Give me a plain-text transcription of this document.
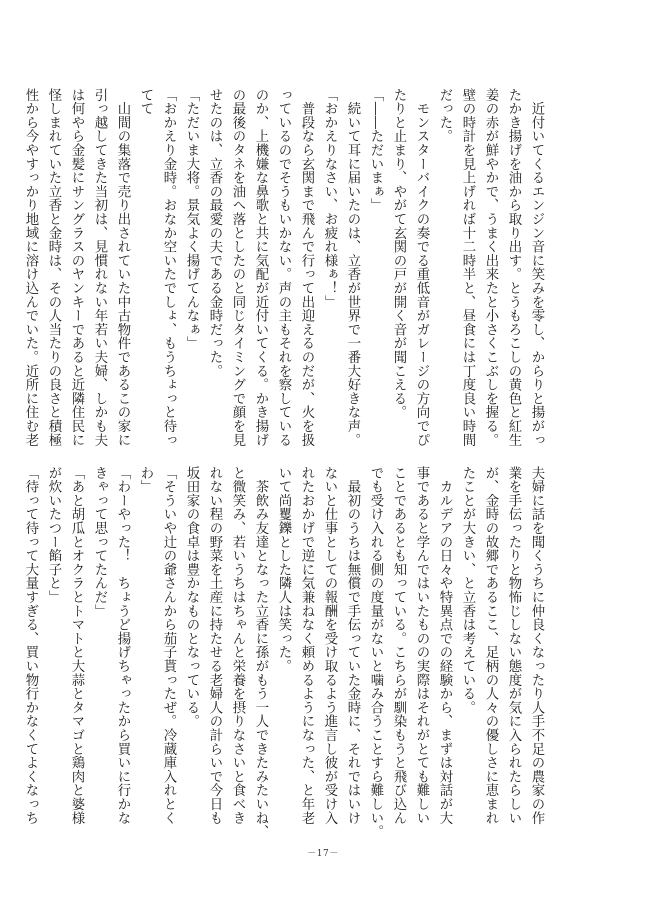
　近付いてくるエンジン音に笑みを零し、からりと揚がっ
たかき揚げを油から取り出す。とうもろこしの黄色と紅生
姜の赤が鮮やかで、うまく出来たと小さくこぶしを握る。
壁の時計を見上げれば十二時半と、昼食には丁度良い時間
だった。
　モンスターバイクの奏でる重低音がガレージの方向でぴ
たりと止まり、やがて玄関の戸が開く音が聞こえる。
「――ただいまぁ」
　続いて耳に届いたのは、立香が世界で一番大好きな声。
「おかえりなさい、お疲れ様ぁ！」
　普段なら玄関まで飛んで行って出迎えるのだが、火を扱
っているのでそうもいかない。声の主もそれを察している
のか、上機嫌な鼻歌と共に気配が近付いてくる。かき揚げ
の最後のタネを油へ落としたのと同じタイミングで顔を見
せたのは、立香の最愛の夫である金時だった。
「ただいま大将。景気よく揚げてんなぁ」
「おかえり金時。おなか空いたでしょ、もうちょっと待っ
てて
　山間の集落で売り出されていた中古物件であるこの家に
引っ越してきた当初は、見慣れない年若い夫婦、しかも夫
は何やら金髪にサングラスのヤンキーであると近隣住民に
怪しまれていた立香と金時は、その人当たりの良さと積極
性から今やすっかり地域に溶け込んでいた。近所に住む老
夫婦に話を聞くうちに仲良くなったり人手不足の農家の作
業を手伝ったりと物怖じしない態度が気に入られたらしい
が、金時の故郷であるここ、足柄の人々の優しさに恵まれ
たことが大きい、と立香は考えている。
　カルデアの日々や特異点での経験から、まずは対話が大
事であると学んではいたものの実際はそれがとても難しい
ことであるとも知っている。こちらが馴染もうと飛び込ん
でも受け入れる側の度量がないと噛み合うことすら難しい。
　最初のうちは無償で手伝っていた金時に、それではいけ
ないと仕事としての報酬を受け取るよう進言し彼が受け入
れたおかげで逆に気兼ねなく頼めるようになった、と年老
いて尚矍鑠とした隣人は笑った。
　茶飲み友達となった立香に孫がもう一人できたみたいね、
と微笑み、若いうちはちゃんと栄養を摂りなさいと食べき
れない程の野菜を土産に持たせる老婦人の計らいで今日も
坂田家の食卓は豊かなものとなっている。
「そういや辻の爺さんから茄子貰ったぜ。冷蔵庫入れとく
わ」
「わーやった！　ちょうど揚げちゃったから買いに行かな
きゃって思ってたんだ」
「あと胡瓜とオクラとトマトと大蒜とタマゴと鶏肉と婆様
が炊いたつー餡子と」
「待って待って大量すぎる、買い物行かなくてよくなっち
－17－
